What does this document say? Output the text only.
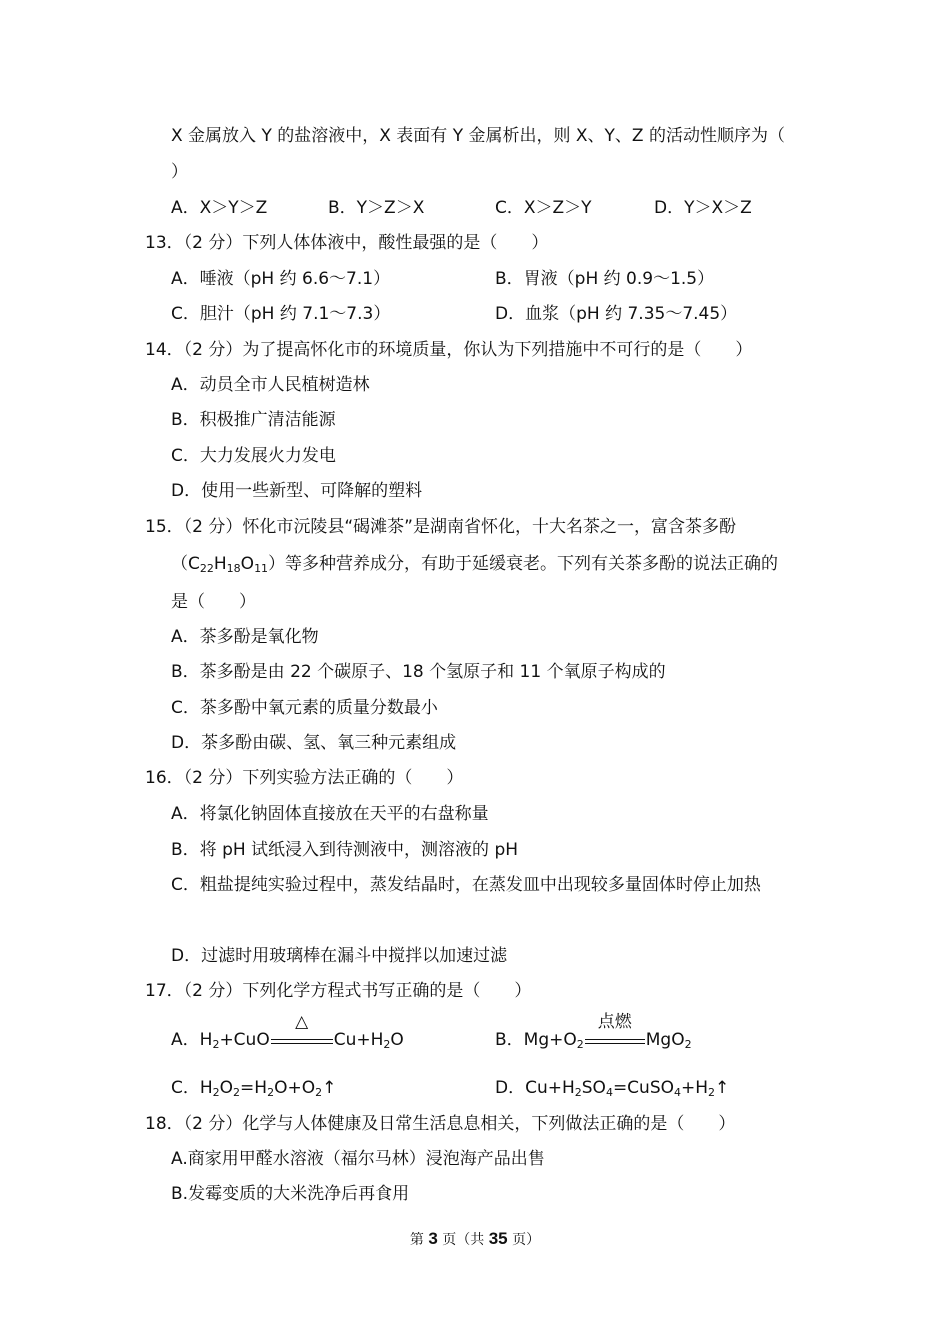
X 金属放入 Y 的盐溶液中，X 表面有 Y 金属析出，则 X、Y、Z 的活动性顺序为（
）
A．X＞Y＞Z	B．Y＞Z＞X	C．X＞Z＞Y	D．Y＞X＞Z
13．（2 分）下列人体体液中，酸性最强的是（　　）
A．唾液（pH 约 6.6～7.1）	B．胃液（pH 约 0.9～1.5）
C．胆汁（pH 约 7.1～7.3）	D．血浆（pH 约 7.35～7.45）
14．（2 分）为了提高怀化市的环境质量，你认为下列措施中不可行的是（　　）
A．动员全市人民植树造林
B．积极推广清洁能源
C．大力发展火力发电
D．使用一些新型、可降解的塑料
15．（2 分）怀化市沅陵县“碣滩茶”是湖南省怀化，十大名茶之一，富含茶多酚
$(C_{22}H_{18}O_{11})$等多种营养成分，有助于延缓衰老。下列有关茶多酚的说法正确的
是（　　）
A．茶多酚是氧化物
B．茶多酚是由 22 个碳原子、18 个氢原子和 11 个氧原子构成的
C．茶多酚中氧元素的质量分数最小
D．茶多酚由碳、氢、氧三种元素组成
16．（2 分）下列实验方法正确的（　　）
A．将氯化钠固体直接放在天平的右盘称量
B．将 pH 试纸浸入到待测液中，测溶液的 pH
C．粗盐提纯实验过程中，蒸发结晶时，在蒸发皿中出现较多量固体时停止加热
D．过滤时用玻璃棒在漏斗中搅拌以加速过滤
17．（2 分）下列化学方程式书写正确的是（　　）
A．$H_2+CuO$
△
$Cu+H_2O$	B．$Mg+O_2$
点燃
MgO$_2$
C．$H_2O_2=H_2O+O_2↑$	D．$Cu+H_2SO_4=CuSO_4+H_2↑$
18．（2 分）化学与人体健康及日常生活息息相关，下列做法正确的是（　　）
A.商家用甲醛水溶液（福尔马林）浸泡海产品出售
B.发霉变质的大米洗净后再食用
第 3 页（共 35 页）
